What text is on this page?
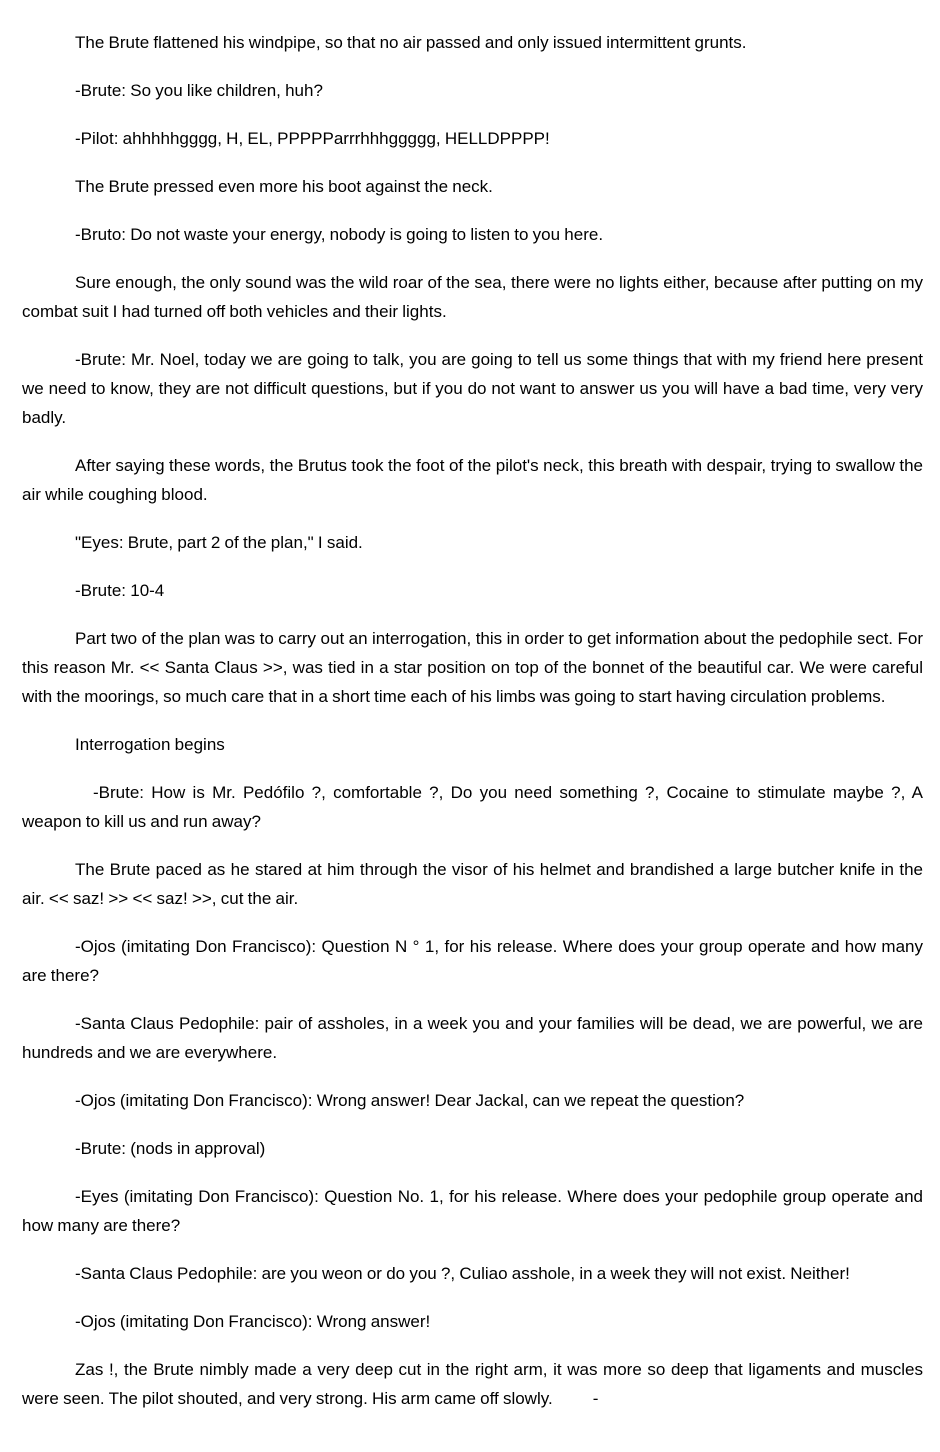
The Brute flattened his windpipe, so that no air passed and only issued intermittent grunts.

-Brute: So you like children, huh?

-Pilot: ahhhhhgggg, H, EL, PPPPParrrhhhggggg, HELLDPPPP!

The Brute pressed even more his boot against the neck.

-Bruto: Do not waste your energy, nobody is going to listen to you here.

Sure enough, the only sound was the wild roar of the sea, there were no lights either, because after putting on my combat suit I had turned off both vehicles and their lights.

-Brute: Mr. Noel, today we are going to talk, you are going to tell us some things that with my friend here present we need to know, they are not difficult questions, but if you do not want to answer us you will have a bad time, very very badly.

After saying these words, the Brutus took the foot of the pilot's neck, this breath with despair, trying to swallow the air while coughing blood.

"Eyes: Brute, part 2 of the plan," I said.

-Brute: 10-4

Part two of the plan was to carry out an interrogation, this in order to get information about the pedophile sect. For this reason Mr. << Santa Claus >>, was tied in a star position on top of the bonnet of the beautiful car. We were careful with the moorings, so much care that in a short time each of his limbs was going to start having circulation problems.

Interrogation begins

-Brute: How is Mr. Pedófilo ?, comfortable ?, Do you need something ?, Cocaine to stimulate maybe ?, A weapon to kill us and run away?

The Brute paced as he stared at him through the visor of his helmet and brandished a large butcher knife in the air. << saz! >> << saz! >>, cut the air.

-Ojos (imitating Don Francisco): Question N ° 1, for his release. Where does your group operate and how many are there?

-Santa Claus Pedophile: pair of assholes, in a week you and your families will be dead, we are powerful, we are hundreds and we are everywhere.

-Ojos (imitating Don Francisco): Wrong answer! Dear Jackal, can we repeat the question?

-Brute: (nods in approval)

-Eyes (imitating Don Francisco): Question No. 1, for his release. Where does your pedophile group operate and how many are there?

-Santa Claus Pedophile: are you weon or do you ?, Culiao asshole, in a week they will not exist. Neither!

-Ojos (imitating Don Francisco): Wrong answer!

Zas !, the Brute nimbly made a very deep cut in the right arm, it was more so deep that ligaments and muscles were seen. The pilot shouted, and very strong. His arm came off slowly. -
